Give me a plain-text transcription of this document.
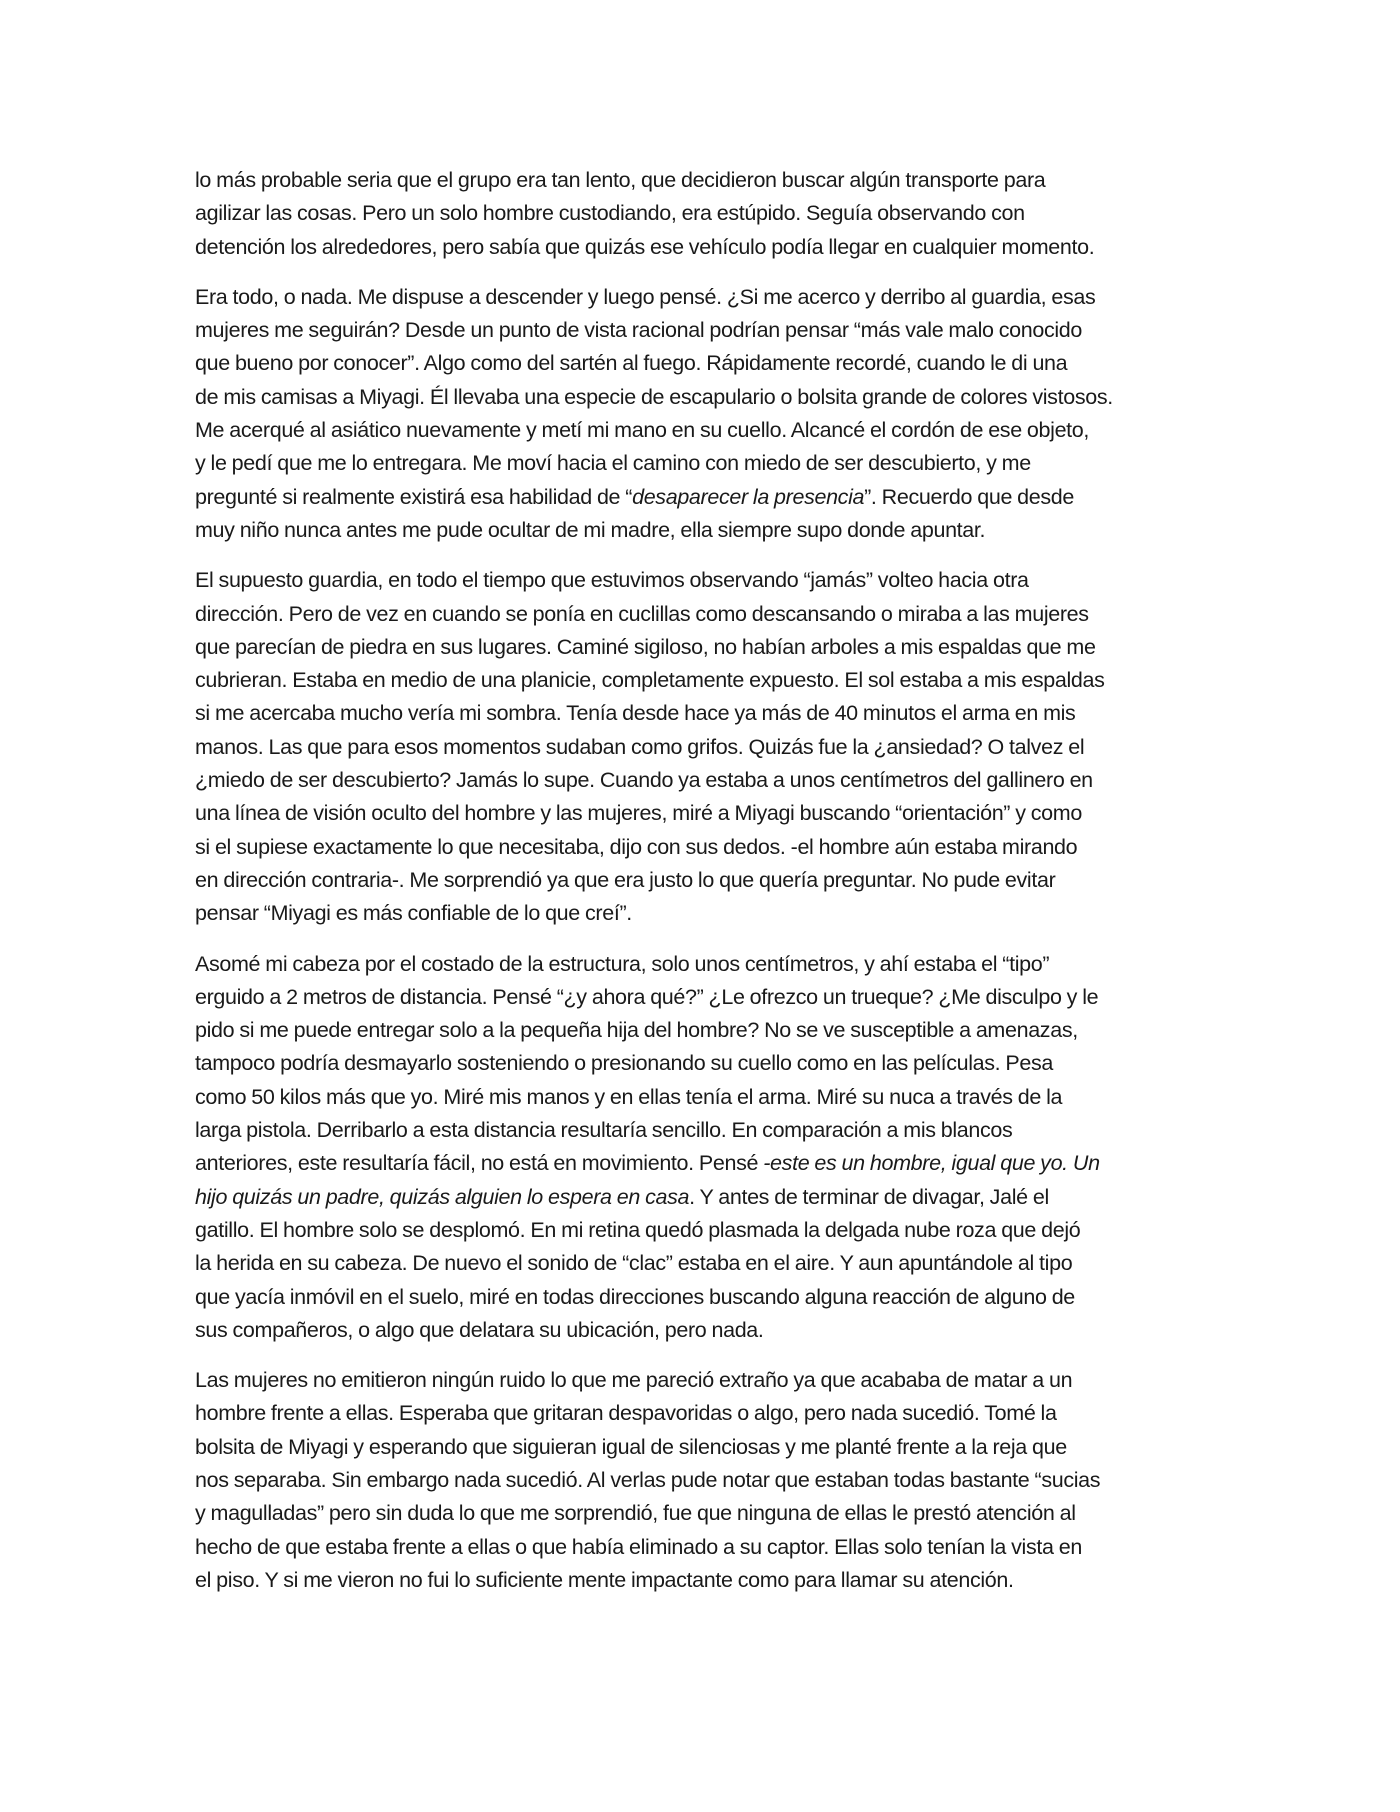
lo más probable seria que el grupo era tan lento, que decidieron buscar algún transporte para
agilizar las cosas. Pero un solo hombre custodiando, era estúpido. Seguía observando con
detención los alrededores, pero sabía que quizás ese vehículo podía llegar en cualquier momento.

Era todo, o nada. Me dispuse a descender y luego pensé. ¿Si me acerco y derribo al guardia, esas
mujeres me seguirán? Desde un punto de vista racional podrían pensar “más vale malo conocido
que bueno por conocer”. Algo como del sartén al fuego. Rápidamente recordé, cuando le di una
de mis camisas a Miyagi. Él llevaba una especie de escapulario o bolsita grande de colores vistosos.
Me acerqué al asiático nuevamente y metí mi mano en su cuello. Alcancé el cordón de ese objeto,
y le pedí que me lo entregara. Me moví hacia el camino con miedo de ser descubierto, y me
pregunté si realmente existirá esa habilidad de “desaparecer la presencia”. Recuerdo que desde
muy niño nunca antes me pude ocultar de mi madre, ella siempre supo donde apuntar.

El supuesto guardia, en todo el tiempo que estuvimos observando “jamás” volteo hacia otra
dirección. Pero de vez en cuando se ponía en cuclillas como descansando o miraba a las mujeres
que parecían de piedra en sus lugares. Caminé sigiloso, no habían arboles a mis espaldas que me
cubrieran. Estaba en medio de una planicie, completamente expuesto. El sol estaba a mis espaldas
si me acercaba mucho vería mi sombra. Tenía desde hace ya más de 40 minutos el arma en mis
manos. Las que para esos momentos sudaban como grifos. Quizás fue la ¿ansiedad? O talvez el
¿miedo de ser descubierto? Jamás lo supe. Cuando ya estaba a unos centímetros del gallinero en
una línea de visión oculto del hombre y las mujeres, miré a Miyagi buscando “orientación” y como
si el supiese exactamente lo que necesitaba, dijo con sus dedos. -el hombre aún estaba mirando
en dirección contraria-. Me sorprendió ya que era justo lo que quería preguntar. No pude evitar
pensar “Miyagi es más confiable de lo que creí”.

Asomé mi cabeza por el costado de la estructura, solo unos centímetros, y ahí estaba el “tipo”
erguido a 2 metros de distancia. Pensé “¿y ahora qué?” ¿Le ofrezco un trueque? ¿Me disculpo y le
pido si me puede entregar solo a la pequeña hija del hombre? No se ve susceptible a amenazas,
tampoco podría desmayarlo sosteniendo o presionando su cuello como en las películas. Pesa
como 50 kilos más que yo. Miré mis manos y en ellas tenía el arma. Miré su nuca a través de la
larga pistola. Derribarlo a esta distancia resultaría sencillo. En comparación a mis blancos
anteriores, este resultaría fácil, no está en movimiento. Pensé -este es un hombre, igual que yo. Un
hijo quizás un padre, quizás alguien lo espera en casa. Y antes de terminar de divagar, Jalé el
gatillo. El hombre solo se desplomó. En mi retina quedó plasmada la delgada nube roza que dejó
la herida en su cabeza. De nuevo el sonido de “clac” estaba en el aire. Y aun apuntándole al tipo
que yacía inmóvil en el suelo, miré en todas direcciones buscando alguna reacción de alguno de
sus compañeros, o algo que delatara su ubicación, pero nada.

Las mujeres no emitieron ningún ruido lo que me pareció extraño ya que acababa de matar a un
hombre frente a ellas. Esperaba que gritaran despavoridas o algo, pero nada sucedió. Tomé la
bolsita de Miyagi y esperando que siguieran igual de silenciosas y me planté frente a la reja que
nos separaba. Sin embargo nada sucedió. Al verlas pude notar que estaban todas bastante “sucias
y magulladas” pero sin duda lo que me sorprendió, fue que ninguna de ellas le prestó atención al
hecho de que estaba frente a ellas o que había eliminado a su captor. Ellas solo tenían la vista en
el piso. Y si me vieron no fui lo suficiente mente impactante como para llamar su atención.
